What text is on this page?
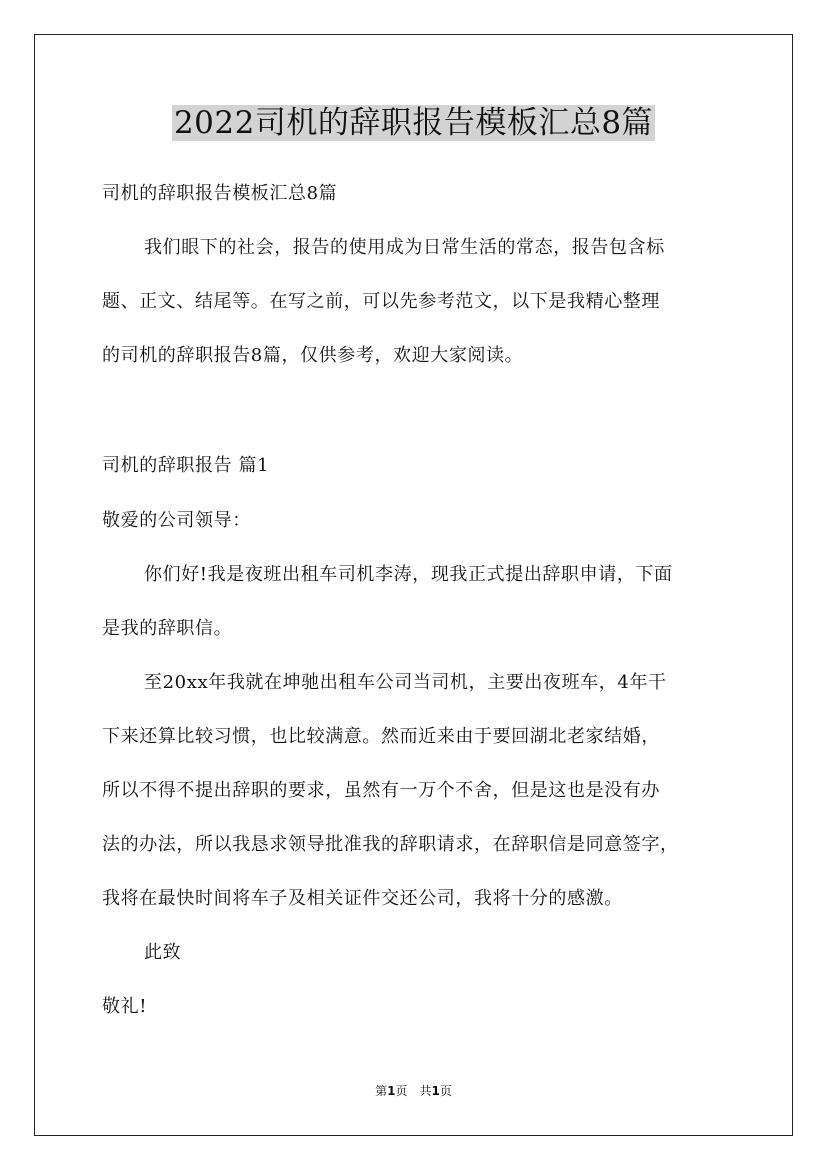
2022司机的辞职报告模板汇总8篇
司机的辞职报告模板汇总8篇
我们眼下的社会，报告的使用成为日常生活的常态，报告包含标
题、正文、结尾等。在写之前，可以先参考范文，以下是我精心整理
的司机的辞职报告8篇，仅供参考，欢迎大家阅读。
司机的辞职报告 篇1
敬爱的公司领导：
你们好!我是夜班出租车司机李涛，现我正式提出辞职申请，下面
是我的辞职信。
至20xx年我就在坤驰出租车公司当司机，主要出夜班车，4年干
下来还算比较习惯，也比较满意。然而近来由于要回湖北老家结婚，
所以不得不提出辞职的要求，虽然有一万个不舍，但是这也是没有办
法的办法，所以我恳求领导批准我的辞职请求，在辞职信是同意签字，
我将在最快时间将车子及相关证件交还公司，我将十分的感激。
此致
敬礼!
第1页　共1页
